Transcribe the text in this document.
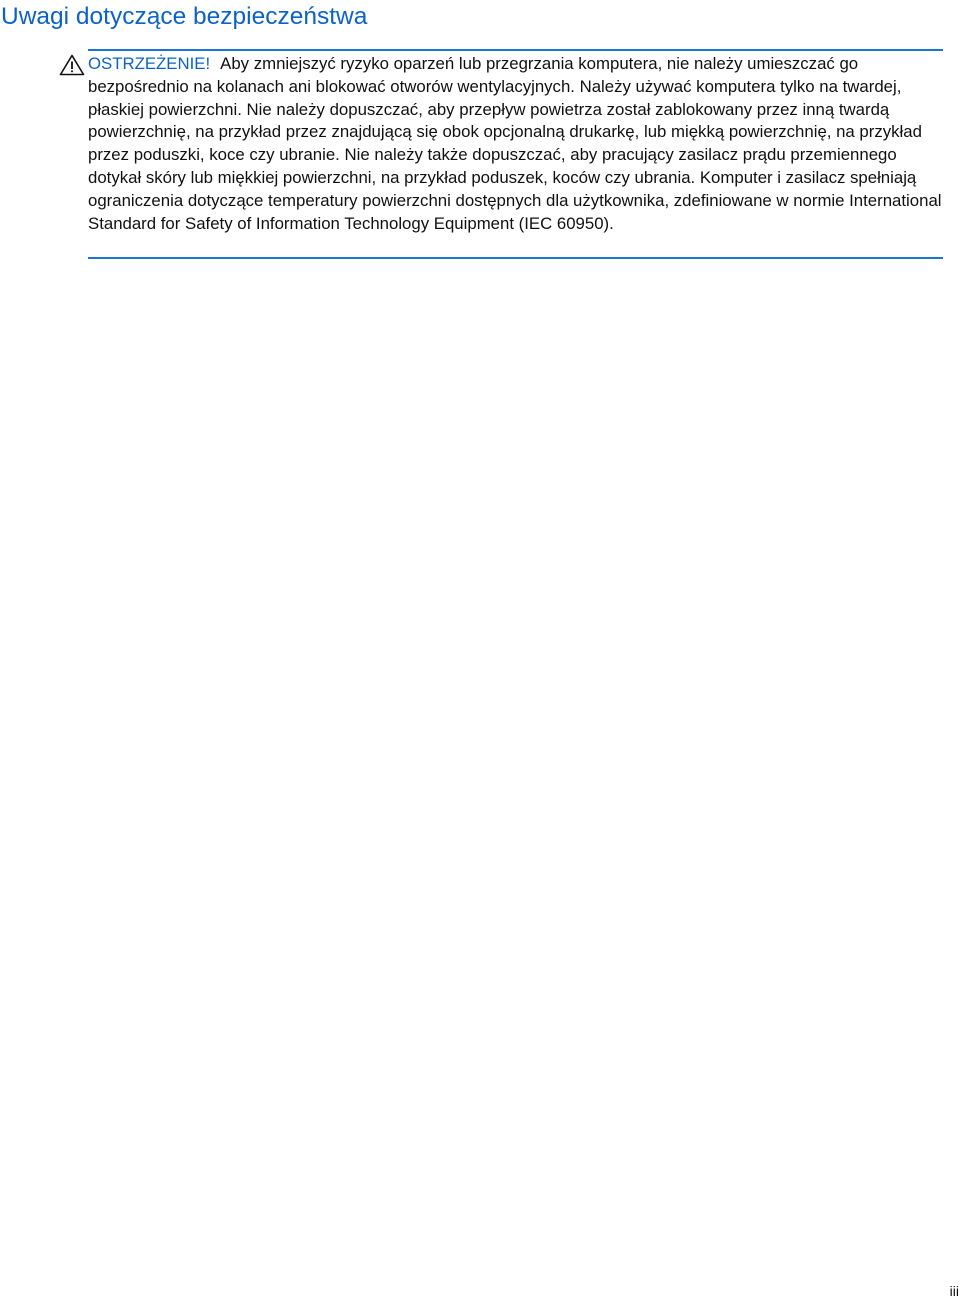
Uwagi dotyczące bezpieczeństwa

OSTRZEŻENIE! Aby zmniejszyć ryzyko oparzeń lub przegrzania komputera, nie należy umieszczać go bezpośrednio na kolanach ani blokować otworów wentylacyjnych. Należy używać komputera tylko na twardej, płaskiej powierzchni. Nie należy dopuszczać, aby przepływ powietrza został zablokowany przez inną twardą powierzchnię, na przykład przez znajdującą się obok opcjonalną drukarkę, lub miękką powierzchnię, na przykład przez poduszki, koce czy ubranie. Nie należy także dopuszczać, aby pracujący zasilacz prądu przemiennego dotykał skóry lub miękkiej powierzchni, na przykład poduszek, koców czy ubrania. Komputer i zasilacz spełniają ograniczenia dotyczące temperatury powierzchni dostępnych dla użytkownika, zdefiniowane w normie International Standard for Safety of Information Technology Equipment (IEC 60950).

iii
